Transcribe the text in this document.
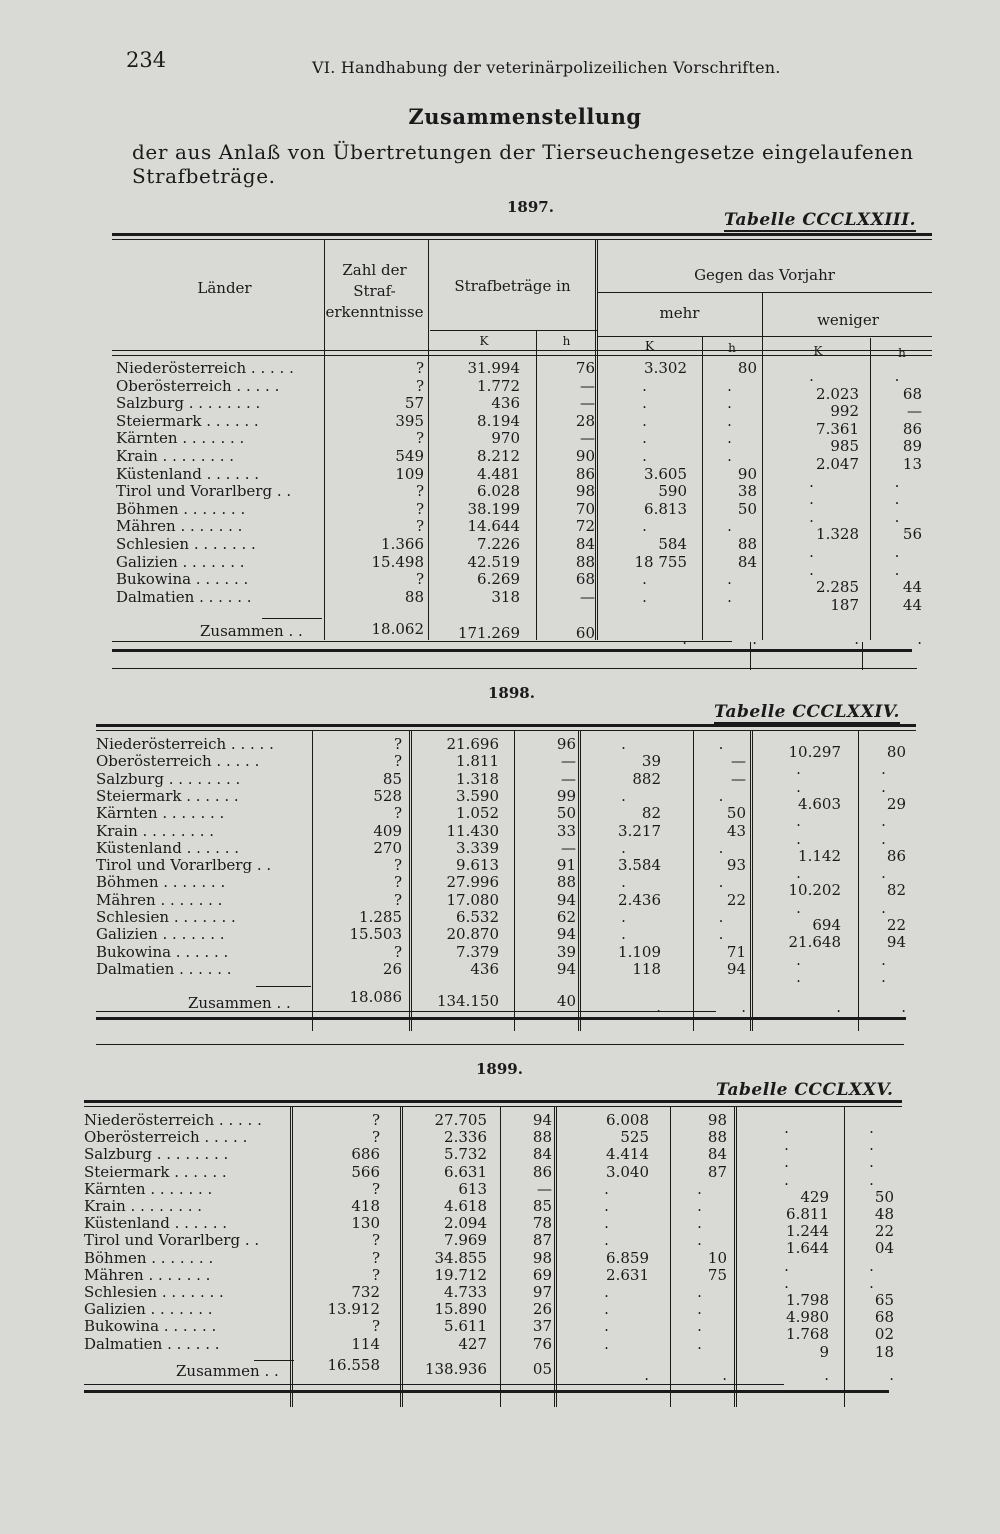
234	VI. Handhabung der veterinärpolizeilichen Vorschriften.
Zusammenstellung
der aus Anlaß von Übertretungen der Tierseuchengesetze eingelaufenen Strafbeträge.
1897.
Tabelle CCCLXXIII.
Länder
Zahl der
Straf-
erkenntnisse
Strafbeträge in
Gegen das Vorjahr
mehr	weniger
K	h	K	h	K	h
Niederösterreich . . . . .	?	31.994	76	3.302	80	.	.
Oberösterreich . . . . .	?	1.772	—	.	.	2.023	68
Salzburg . . . . . . . .	57	436	—	.	.	992	—
Steiermark . . . . . .	395	8.194	28	.	.	7.361	86
Kärnten . . . . . . .	?	970	—	.	.	985	89
Krain . . . . . . . .	549	8.212	90	.	.	2.047	13
Küstenland . . . . . .	109	4.481	86	3.605	90	.	.
Tirol und Vorarlberg . .	?	6.028	98	590	38	.	.
Böhmen . . . . . . .	?	38.199	70	6.813	50	.	.
Mähren . . . . . . .	?	14.644	72	.	.	1.328	56
Schlesien . . . . . . .	1.366	7.226	84	584	88	.	.
Galizien . . . . . . .	15.498	42.519	88	18 755	84	.	.
Bukowina . . . . . .	?	6.269	68	.	.	2.285	44
Dalmatien . . . . . .	88	318	—	.	.	187	44
Zusammen . .	18.062	171.269	60	.	.	.	.
1898.
Tabelle CCCLXXIV.
Niederösterreich . . . . .	?	21.696	96	.	.	10.297	80
Oberösterreich . . . . .	?	1.811	—	39	—	.	.
Salzburg . . . . . . . .	85	1.318	—	882	—	.	.
Steiermark . . . . . .	528	3.590	99	.	.	4.603	29
Kärnten . . . . . . .	?	1.052	50	82	50	.	.
Krain . . . . . . . .	409	11.430	33	3.217	43	.	.
Küstenland . . . . . .	270	3.339	—	.	.	1.142	86
Tirol und Vorarlberg . .	?	9.613	91	3.584	93	.	.
Böhmen . . . . . . .	?	27.996	88	.	.	10.202	82
Mähren . . . . . . .	?	17.080	94	2.436	22	.	.
Schlesien . . . . . . .	1.285	6.532	62	.	.	694	22
Galizien . . . . . . .	15.503	20.870	94	.	.	21.648	94
Bukowina . . . . . .	?	7.379	39	1.109	71	.	.
Dalmatien . . . . . .	26	436	94	118	94	.	.
Zusammen . .	18.086	134.150	40	.	.	.	.
1899.
Tabelle CCCLXXV.
Niederösterreich . . . . .	?	27.705	94	6.008	98	.	.
Oberösterreich . . . . .	?	2.336	88	525	88	.	.
Salzburg . . . . . . . .	686	5.732	84	4.414	84	.	.
Steiermark . . . . . .	566	6.631	86	3.040	87	.	.
Kärnten . . . . . . .	?	613	—	.	.	429	50
Krain . . . . . . . .	418	4.618	85	.	.	6.811	48
Küstenland . . . . . .	130	2.094	78	.	.	1.244	22
Tirol und Vorarlberg . .	?	7.969	87	.	.	1.644	04
Böhmen . . . . . . .	?	34.855	98	6.859	10	.	.
Mähren . . . . . . .	?	19.712	69	2.631	75	.	.
Schlesien . . . . . . .	732	4.733	97	.	.	1.798	65
Galizien . . . . . . .	13.912	15.890	26	.	.	4.980	68
Bukowina . . . . . .	?	5.611	37	.	.	1.768	02
Dalmatien . . . . . .	114	427	76	.	.	9	18
Zusammen . .	16.558	138.936	05	.	.	.	.
